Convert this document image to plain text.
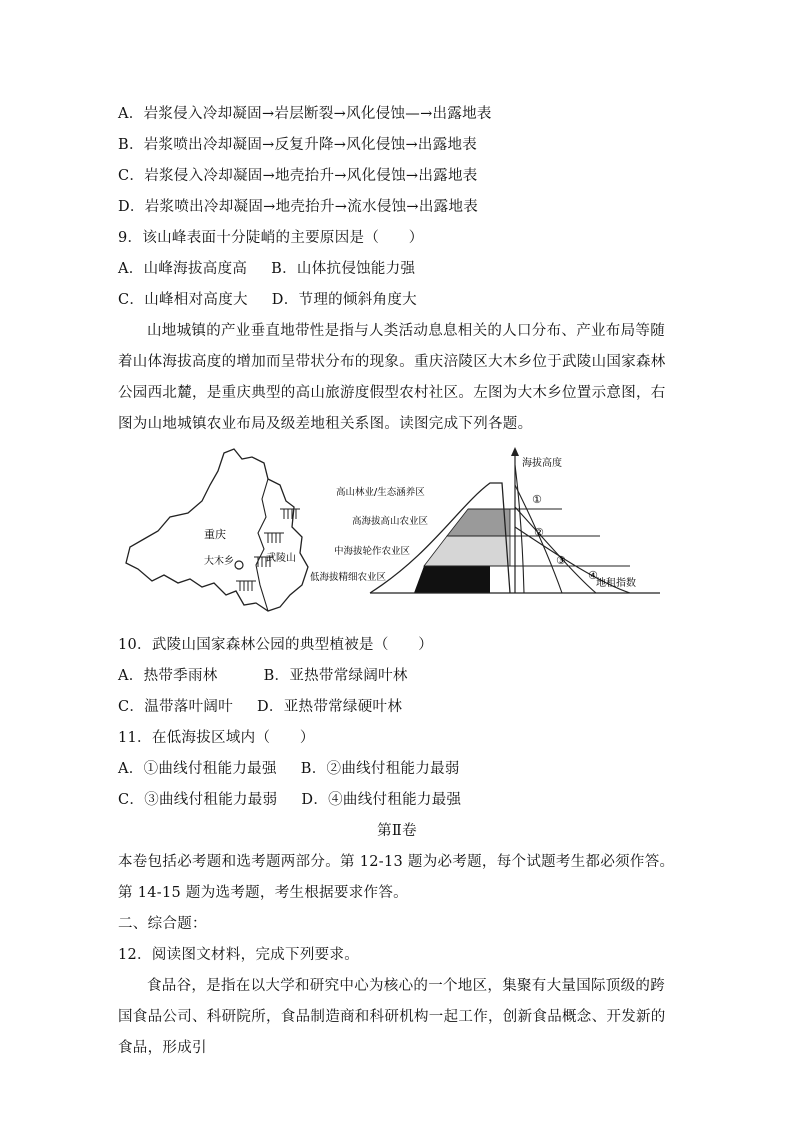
A．岩浆侵入冷却凝固→岩层断裂→风化侵蚀—→出露地表
B．岩浆喷出冷却凝固→反复升降→风化侵蚀→出露地表
C．岩浆侵入冷却凝固→地壳抬升→风化侵蚀→出露地表
D．岩浆喷出冷却凝固→地壳抬升→流水侵蚀→出露地表
9．该山峰表面十分陡峭的主要原因是（　　）
A．山峰海拔高度高 B．山体抗侵蚀能力强
C．山峰相对高度大 D．节理的倾斜角度大
山地城镇的产业垂直地带性是指与人类活动息息相关的人口分布、产业布局等随着山体海拔高度的增加而呈带状分布的现象。重庆涪陵区大木乡位于武陵山国家森林公园西北麓，是重庆典型的高山旅游度假型农村社区。左图为大木乡位置示意图，右图为山地城镇农业布局及级差地租关系图。读图完成下列各题。
重庆
大木乡	武陵山
海拔高度
地租指数
高山林业/生态涵养区
高海拔高山农业区
中海拔轮作农业区
低海拔精细农业区
①
②
③
④
10．武陵山国家森林公园的典型植被是（　　）
A．热带季雨林	B．亚热带常绿阔叶林
C．温带落叶阔叶 D．亚热带常绿硬叶林
11．在低海拔区域内（　　）
A．①曲线付租能力最强 B．②曲线付租能力最弱
C．③曲线付租能力最弱 D．④曲线付租能力最强
第Ⅱ卷
本卷包括必考题和选考题两部分。第 12-13 题为必考题，每个试题考生都必须作答。第 14-15 题为选考题，考生根据要求作答。
二、综合题：
12．阅读图文材料，完成下列要求。
食品谷，是指在以大学和研究中心为核心的一个地区，集聚有大量国际顶级的跨国食品公司、科研院所，食品制造商和科研机构一起工作，创新食品概念、开发新的食品，形成引
